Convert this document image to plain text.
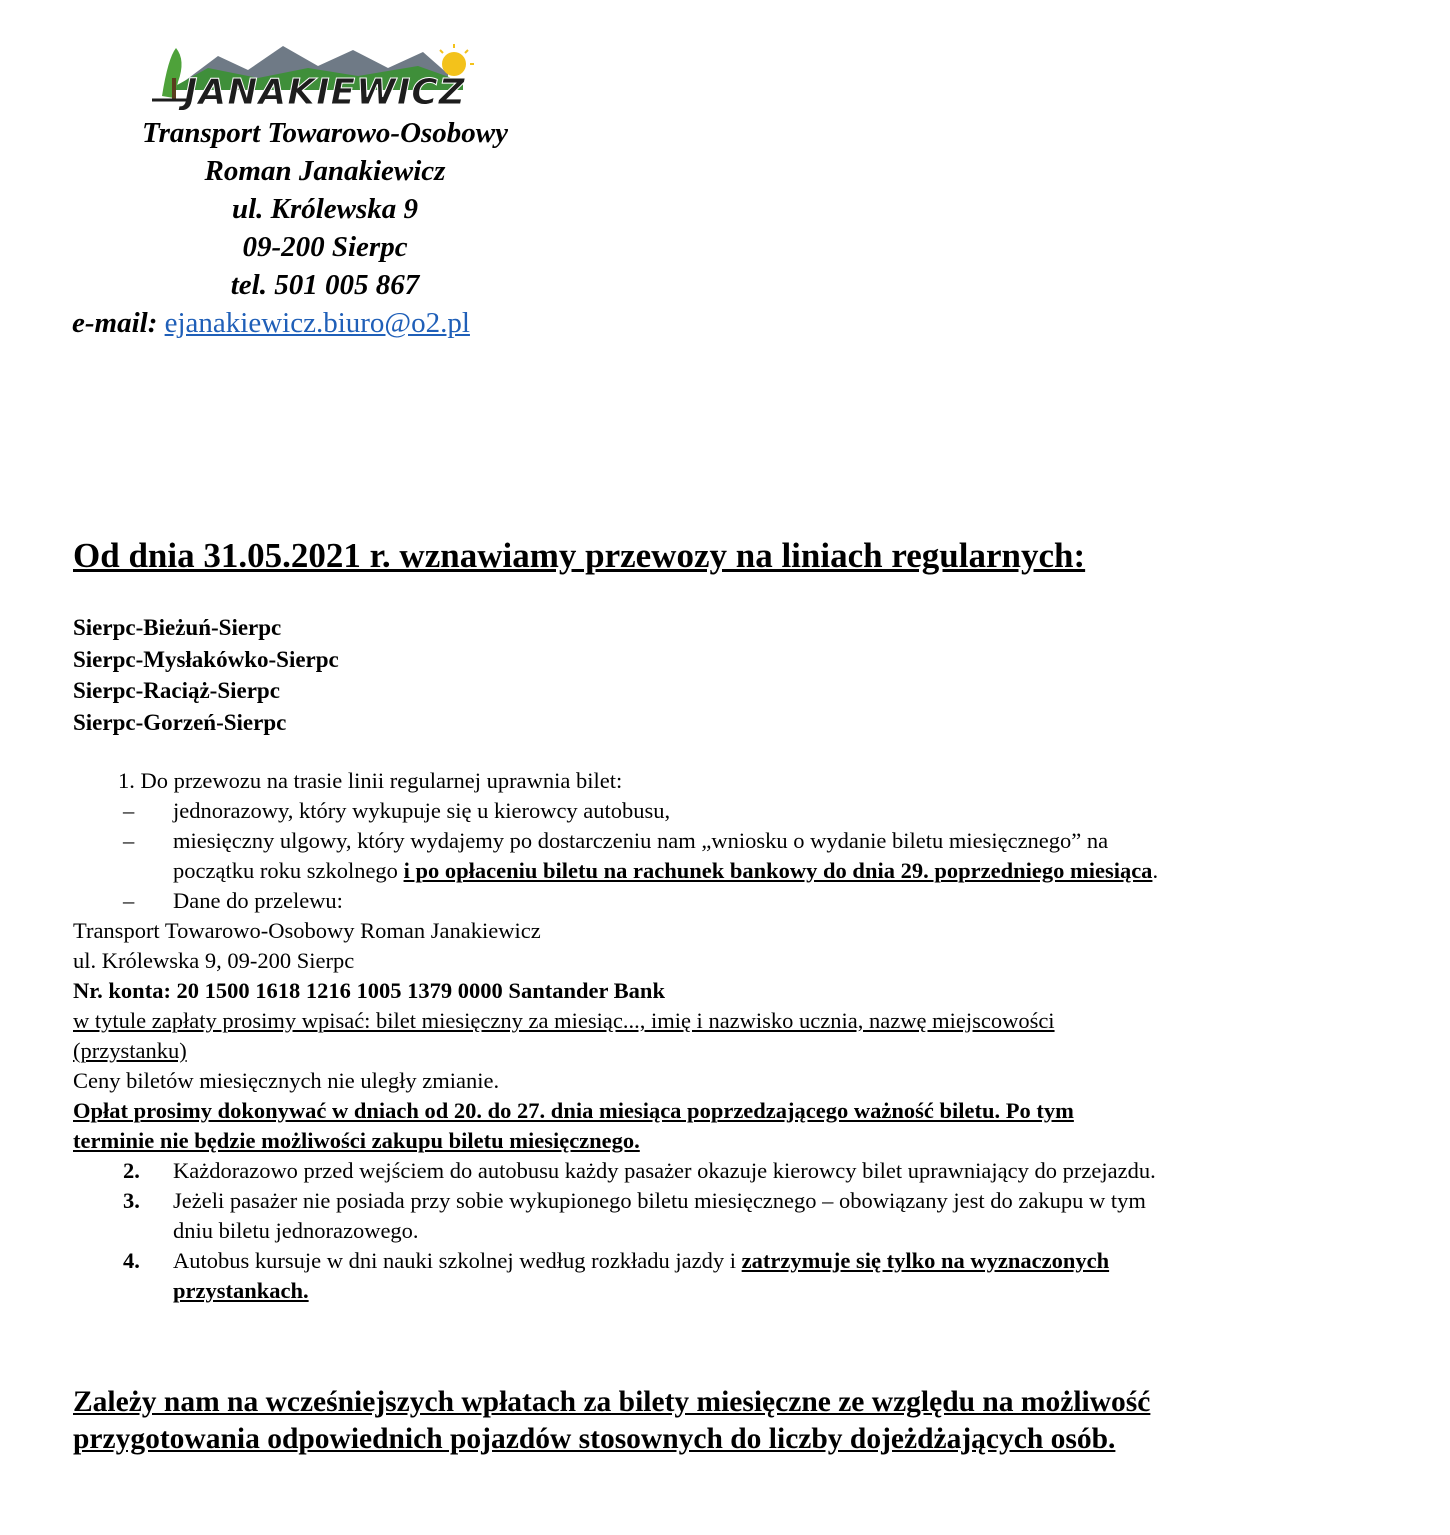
JANAKIEWICZ
Transport Towarowo-Osobowy
Roman Janakiewicz
ul. Królewska 9
09-200 Sierpc
tel. 501 005 867
e-mail: ejanakiewicz.biuro@o2.pl
Od dnia 31.05.2021 r. wznawiamy przewozy na liniach regularnych:
Sierpc-Bieżuń-Sierpc
Sierpc-Mysłakówko-Sierpc
Sierpc-Raciąż-Sierpc
Sierpc-Gorzeń-Sierpc
1. Do przewozu na trasie linii regularnej uprawnia bilet:
– jednorazowy, który wykupuje się u kierowcy autobusu,
– miesięczny ulgowy, który wydajemy po dostarczeniu nam „wniosku o wydanie biletu miesięcznego” na
początku roku szkolnego i po opłaceniu biletu na rachunek bankowy do dnia 29. poprzedniego miesiąca.
– Dane do przelewu:
Transport Towarowo-Osobowy Roman Janakiewicz
ul. Królewska 9, 09-200 Sierpc
Nr. konta: 20 1500 1618 1216 1005 1379 0000 Santander Bank
w tytule zapłaty prosimy wpisać: bilet miesięczny za miesiąc..., imię i nazwisko ucznia, nazwę miejscowości
(przystanku)
Ceny biletów miesięcznych nie uległy zmianie.
Opłat prosimy dokonywać w dniach od 20. do 27. dnia miesiąca poprzedzającego ważność biletu. Po tym
terminie nie będzie możliwości zakupu biletu miesięcznego.
2. Każdorazowo przed wejściem do autobusu każdy pasażer okazuje kierowcy bilet uprawniający do przejazdu.
3. Jeżeli pasażer nie posiada przy sobie wykupionego biletu miesięcznego – obowiązany jest do zakupu w tym
dniu biletu jednorazowego.
4. Autobus kursuje w dni nauki szkolnej według rozkładu jazdy i zatrzymuje się tylko na wyznaczonych
przystankach.
Zależy nam na wcześniejszych wpłatach za bilety miesięczne ze względu na możliwość
przygotowania odpowiednich pojazdów stosownych do liczby dojeżdżających osób.
